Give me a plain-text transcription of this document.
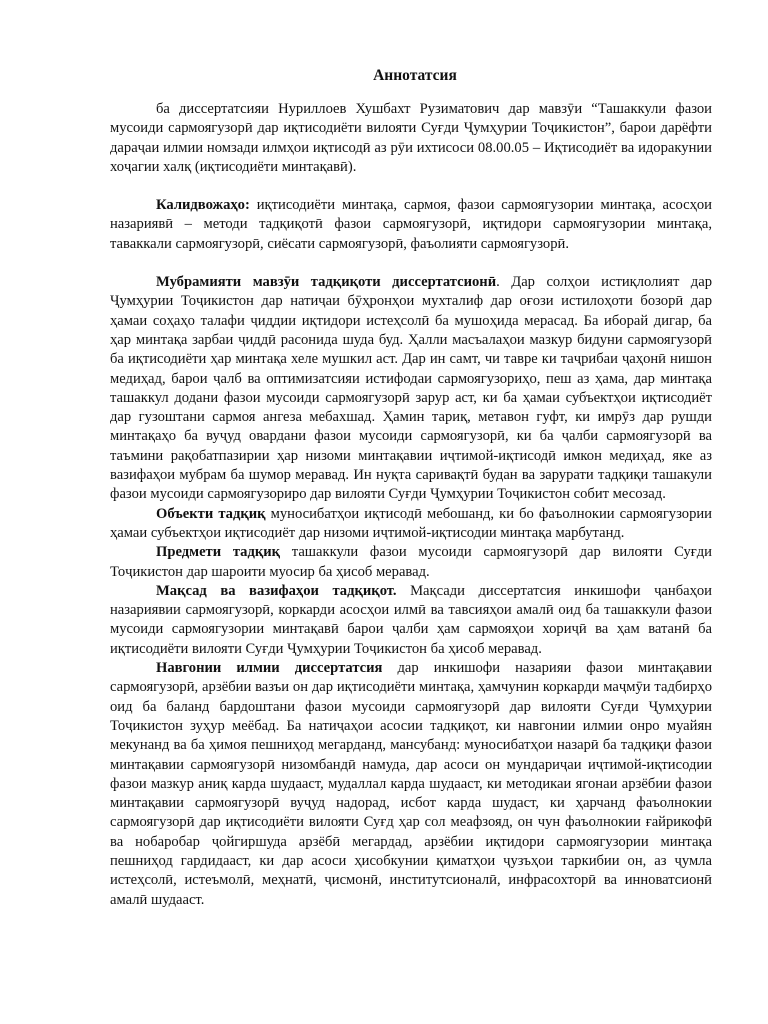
Аннотатсия

ба диссертатсияи Нуриллоев Хушбахт Рузиматович дар мавзӯи “Ташаккули фазои мусоиди сармоягузорӣ дар иқтисодиёти вилояти Суғди Ҷумҳурии Тоҷикистон”, барои дарёфти дараҷаи илмии номзади илмҳои иқтисодӣ аз рӯи ихтисоси 08.00.05 – Иқтисодиёт ва идоракунии хоҷагии халқ (иқтисодиёти минтақавӣ).

Калидвожаҳо: иқтисодиёти минтақа, сармоя, фазои сармоягузории минтақа, асосҳои назариявӣ – методи тадқиқотӣ фазои сармоягузорӣ, иқтидори сармоягузории минтақа, таваккали сармоягузорӣ, сиёсати сармоягузорӣ, фаъолияти сармоягузорӣ.

Мубрамияти мавзӯи тадқиқоти диссертатсионӣ. Дар солҳои истиқлолият дар Ҷумҳурии Тоҷикистон дар натиҷаи бӯҳронҳои мухталиф дар оғози истилоҳоти бозорӣ дар ҳамаи соҳаҳо талафи ҷиддии иқтидори истеҳсолӣ ба мушоҳида мерасад. Ба иборай дигар, ба ҳар минтақа зарбаи ҷиддӣ расонида шуда буд. Ҳалли масъалаҳои мазкур бидуни сармоягузорӣ ба иқтисодиёти ҳар минтақа хеле мушкил аст. Дар ин самт, чи тавре ки таҷрибаи ҷаҳонӣ нишон медиҳад, барои ҷалб ва оптимизатсияи истифодаи сармоягузориҳо, пеш аз ҳама, дар минтақа ташаккул додани фазои мусоиди сармоягузорӣ зарур аст, ки ба ҳамаи субъектҳои иқтисодиёт дар гузоштани сармоя ангеза мебахшад. Ҳамин тариқ, метавон гуфт, ки имрӯз дар рушди минтақаҳо ба вуҷуд овардани фазои мусоиди сармоягузорӣ, ки ба ҷалби сармоягузорӣ ва таъмини рақобатпазирии ҳар низоми минтақавии иҷтимой-иқтисодӣ имкон медиҳад, яке аз вазифаҳои мубрам ба шумор меравад. Ин нуқта саривақтӣ будан ва зарурати тадқиқи ташакули фазои мусоиди сармоягузориро дар вилояти Суғди Ҷумҳурии Тоҷикистон собит месозад.

Объекти тадқиқ муносибатҳои иқтисодӣ мебошанд, ки бо фаъолнокии сармоягузории ҳамаи субъектҳои иқтисодиёт дар низоми иҷтимой-иқтисодии минтақа марбутанд.

Предмети тадқиқ ташаккули фазои мусоиди сармоягузорӣ дар вилояти Суғди Тоҷикистон дар шароити муосир ба ҳисоб меравад.

Мақсад ва вазифаҳои тадқиқот. Мақсади диссертатсия инкишофи ҷанбаҳои назариявии сармоягузорӣ, коркарди асосҳои илмӣ ва тавсияҳои амалӣ оид ба ташаккули фазои мусоиди сармоягузории минтақавӣ барои ҷалби ҳам сармояҳои хориҷӣ ва ҳам ватанӣ ба иқтисодиёти вилояти Суғди Ҷумҳурии Тоҷикистон ба ҳисоб меравад.

Навгонии илмии диссертатсия дар инкишофи назарияи фазои минтақавии сармоягузорӣ, арзёбии вазъи он дар иқтисодиёти минтақа, ҳамчунин коркарди маҷмӯи тадбирҳо оид ба баланд бардоштани фазои мусоиди сармоягузорӣ дар вилояти Суғди Ҷумҳурии Тоҷикистон зуҳур меёбад. Ба натиҷаҳои асосии тадқиқот, ки навгонии илмии онро муайян мекунанд ва ба ҳимоя пешниҳод мегарданд, мансубанд: муносибатҳои назарӣ ба тадқиқи фазои минтақавии сармоягузорӣ низомбандӣ намуда, дар асоси он мундариҷаи иҷтимой-иқтисодии фазои мазкур аниқ карда шудааст, мудаллал карда шудааст, ки методикаи ягонаи арзёбии фазои минтақавии сармоягузорӣ вуҷуд надорад, исбот карда шудаст, ки ҳарчанд фаъолнокии сармоягузорӣ дар иқтисодиёти вилояти Суғд ҳар сол меафзояд, он чун фаъолнокии ғайрикофӣ ва нобаробар ҷойгиршуда арзёбӣ мегардад, арзёбии иқтидори сармоягузории минтақа пешниҳод гардидааст, ки дар асоси ҳисобкунии қиматҳои ҷузъҳои таркибии он, аз ҷумла истеҳсолӣ, истеъмолӣ, меҳнатӣ, ҷисмонӣ, институтсионалӣ, инфрасохторӣ ва инноватсионӣ амалӣ шудааст.
